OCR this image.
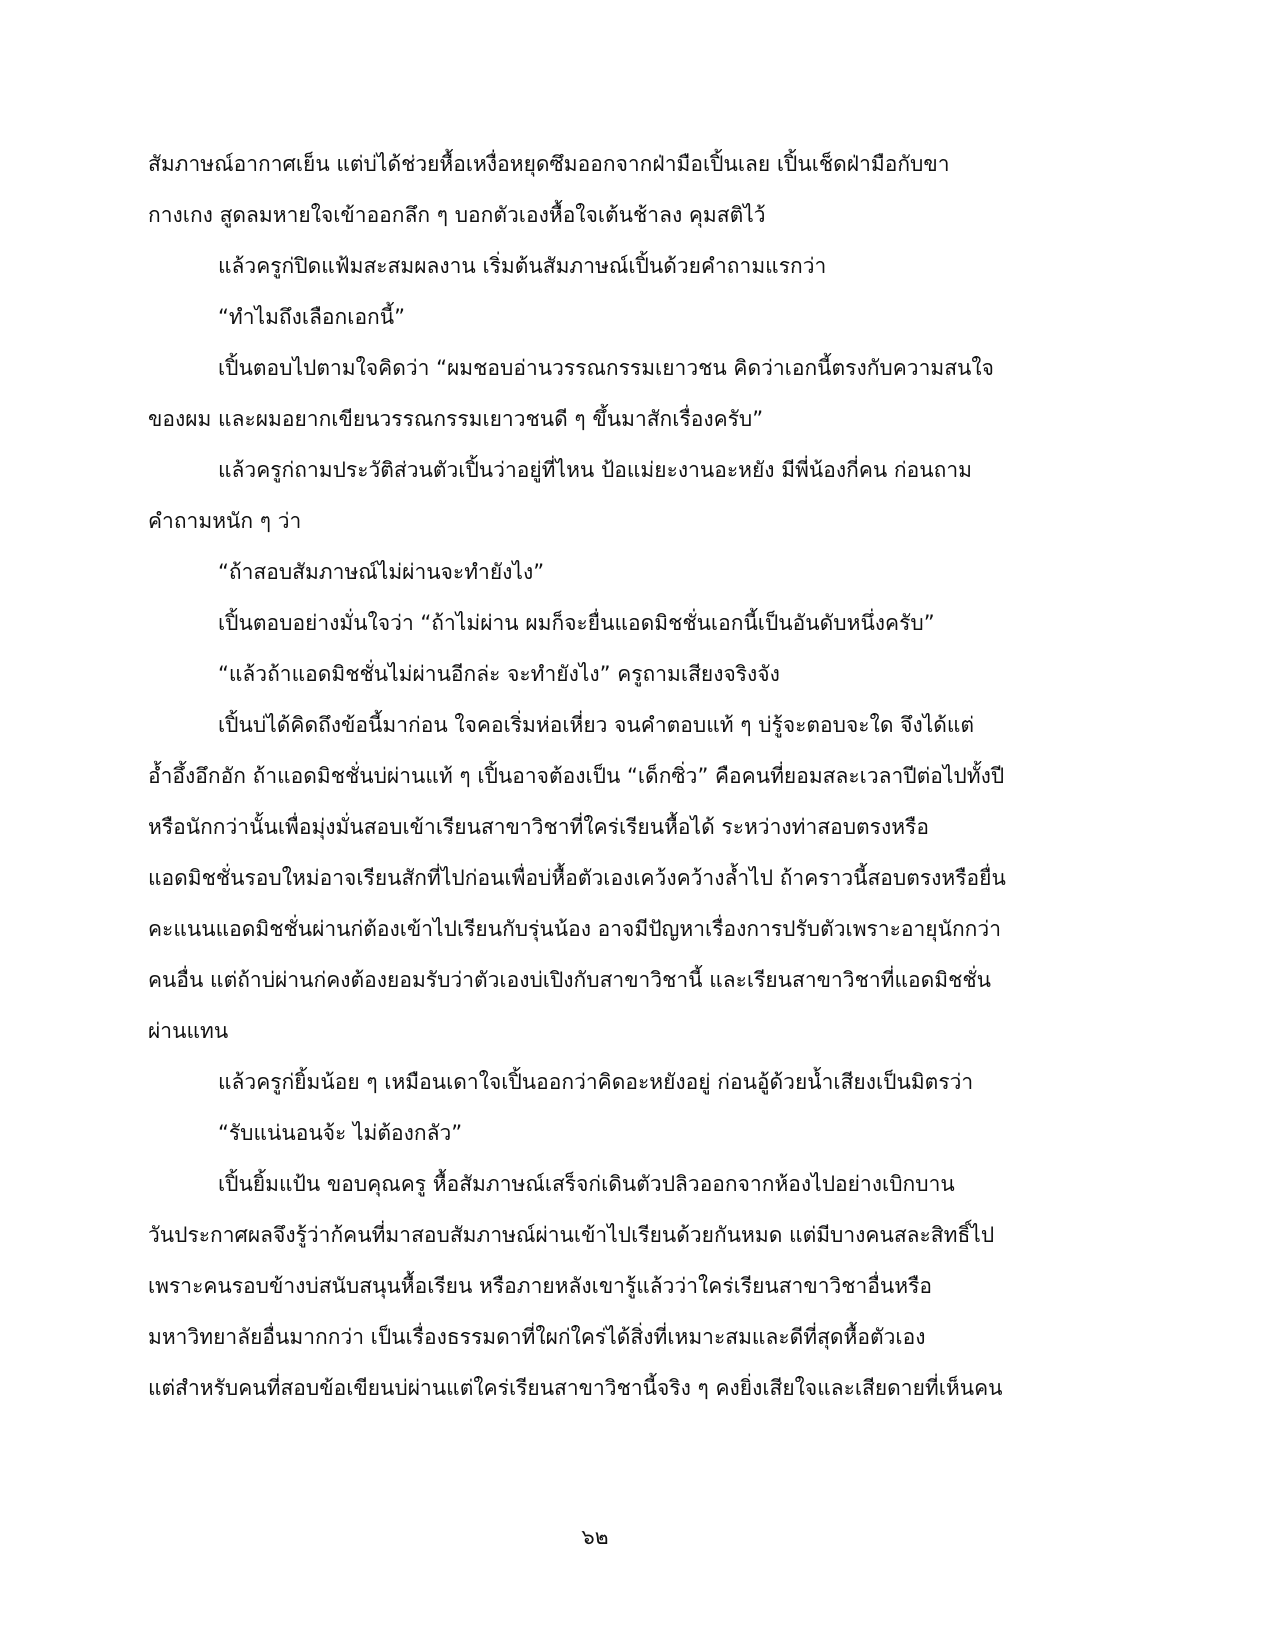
สัมภาษณ์อากาศเย็น แต่บ่ได้ช่วยหื้อเหงื่อหยุดซึมออกจากฝ่ามือเปิ้นเลย เปิ้นเช็ดฝ่ามือกับขา
กางเกง สูดลมหายใจเข้าออกลึก ๆ บอกตัวเองหื้อใจเต้นช้าลง คุมสติไว้
แล้วครูก่ปิดแฟ้มสะสมผลงาน เริ่มต้นสัมภาษณ์เปิ้นด้วยคำถามแรกว่า
“ทำไมถึงเลือกเอกนี้”
เปิ้นตอบไปตามใจคิดว่า “ผมชอบอ่านวรรณกรรมเยาวชน คิดว่าเอกนี้ตรงกับความสนใจ
ของผม และผมอยากเขียนวรรณกรรมเยาวชนดี ๆ ขึ้นมาสักเรื่องครับ”
แล้วครูก่ถามประวัติส่วนตัวเปิ้นว่าอยู่ที่ไหน ป้อแม่ยะงานอะหยัง มีพี่น้องกี่คน ก่อนถาม
คำถามหนัก ๆ ว่า
“ถ้าสอบสัมภาษณ์ไม่ผ่านจะทำยังไง”
เปิ้นตอบอย่างมั่นใจว่า “ถ้าไม่ผ่าน ผมก็จะยื่นแอดมิชชั่นเอกนี้เป็นอันดับหนึ่งครับ”
“แล้วถ้าแอดมิชชั่นไม่ผ่านอีกล่ะ จะทำยังไง” ครูถามเสียงจริงจัง
เปิ้นบ่ได้คิดถึงข้อนี้มาก่อน ใจคอเริ่มห่อเหี่ยว จนคำตอบแท้ ๆ บ่รู้จะตอบจะใด จึงได้แต่
อ้ำอึ้งอึกอัก ถ้าแอดมิชชั่นบ่ผ่านแท้ ๆ เปิ้นอาจต้องเป็น “เด็กซิ่ว” คือคนที่ยอมสละเวลาปีต่อไปทั้งปี
หรือนักกว่านั้นเพื่อมุ่งมั่นสอบเข้าเรียนสาขาวิชาที่ใคร่เรียนหื้อได้ ระหว่างท่าสอบตรงหรือ
แอดมิชชั่นรอบใหม่อาจเรียนสักที่ไปก่อนเพื่อบ่หื้อตัวเองเคว้งคว้างล้ำไป ถ้าคราวนี้สอบตรงหรือยื่น
คะแนนแอดมิชชั่นผ่านก่ต้องเข้าไปเรียนกับรุ่นน้อง อาจมีปัญหาเรื่องการปรับตัวเพราะอายุนักกว่า
คนอื่น แต่ถ้าบ่ผ่านก่คงต้องยอมรับว่าตัวเองบ่เปิงกับสาขาวิชานี้ และเรียนสาขาวิชาที่แอดมิชชั่น
ผ่านแทน
แล้วครูก่ยิ้มน้อย ๆ เหมือนเดาใจเปิ้นออกว่าคิดอะหยังอยู่ ก่อนอู้ด้วยน้ำเสียงเป็นมิตรว่า
“รับแน่นอนจ้ะ ไม่ต้องกลัว”
เปิ้นยิ้มแป้น ขอบคุณครู หื้อสัมภาษณ์เสร็จก่เดินตัวปลิวออกจากห้องไปอย่างเบิกบาน
วันประกาศผลจึงรู้ว่าก้คนที่มาสอบสัมภาษณ์ผ่านเข้าไปเรียนด้วยกันหมด แต่มีบางคนสละสิทธิ์ไป
เพราะคนรอบข้างบ่สนับสนุนหื้อเรียน หรือภายหลังเขารู้แล้วว่าใคร่เรียนสาขาวิชาอื่นหรือ
มหาวิทยาลัยอื่นมากกว่า เป็นเรื่องธรรมดาที่ใผก่ใคร่ได้สิ่งที่เหมาะสมและดีที่สุดหื้อตัวเอง
แต่สำหรับคนที่สอบข้อเขียนบ่ผ่านแต่ใคร่เรียนสาขาวิชานี้จริง ๆ คงยิ่งเสียใจและเสียดายที่เห็นคน
๖๒
